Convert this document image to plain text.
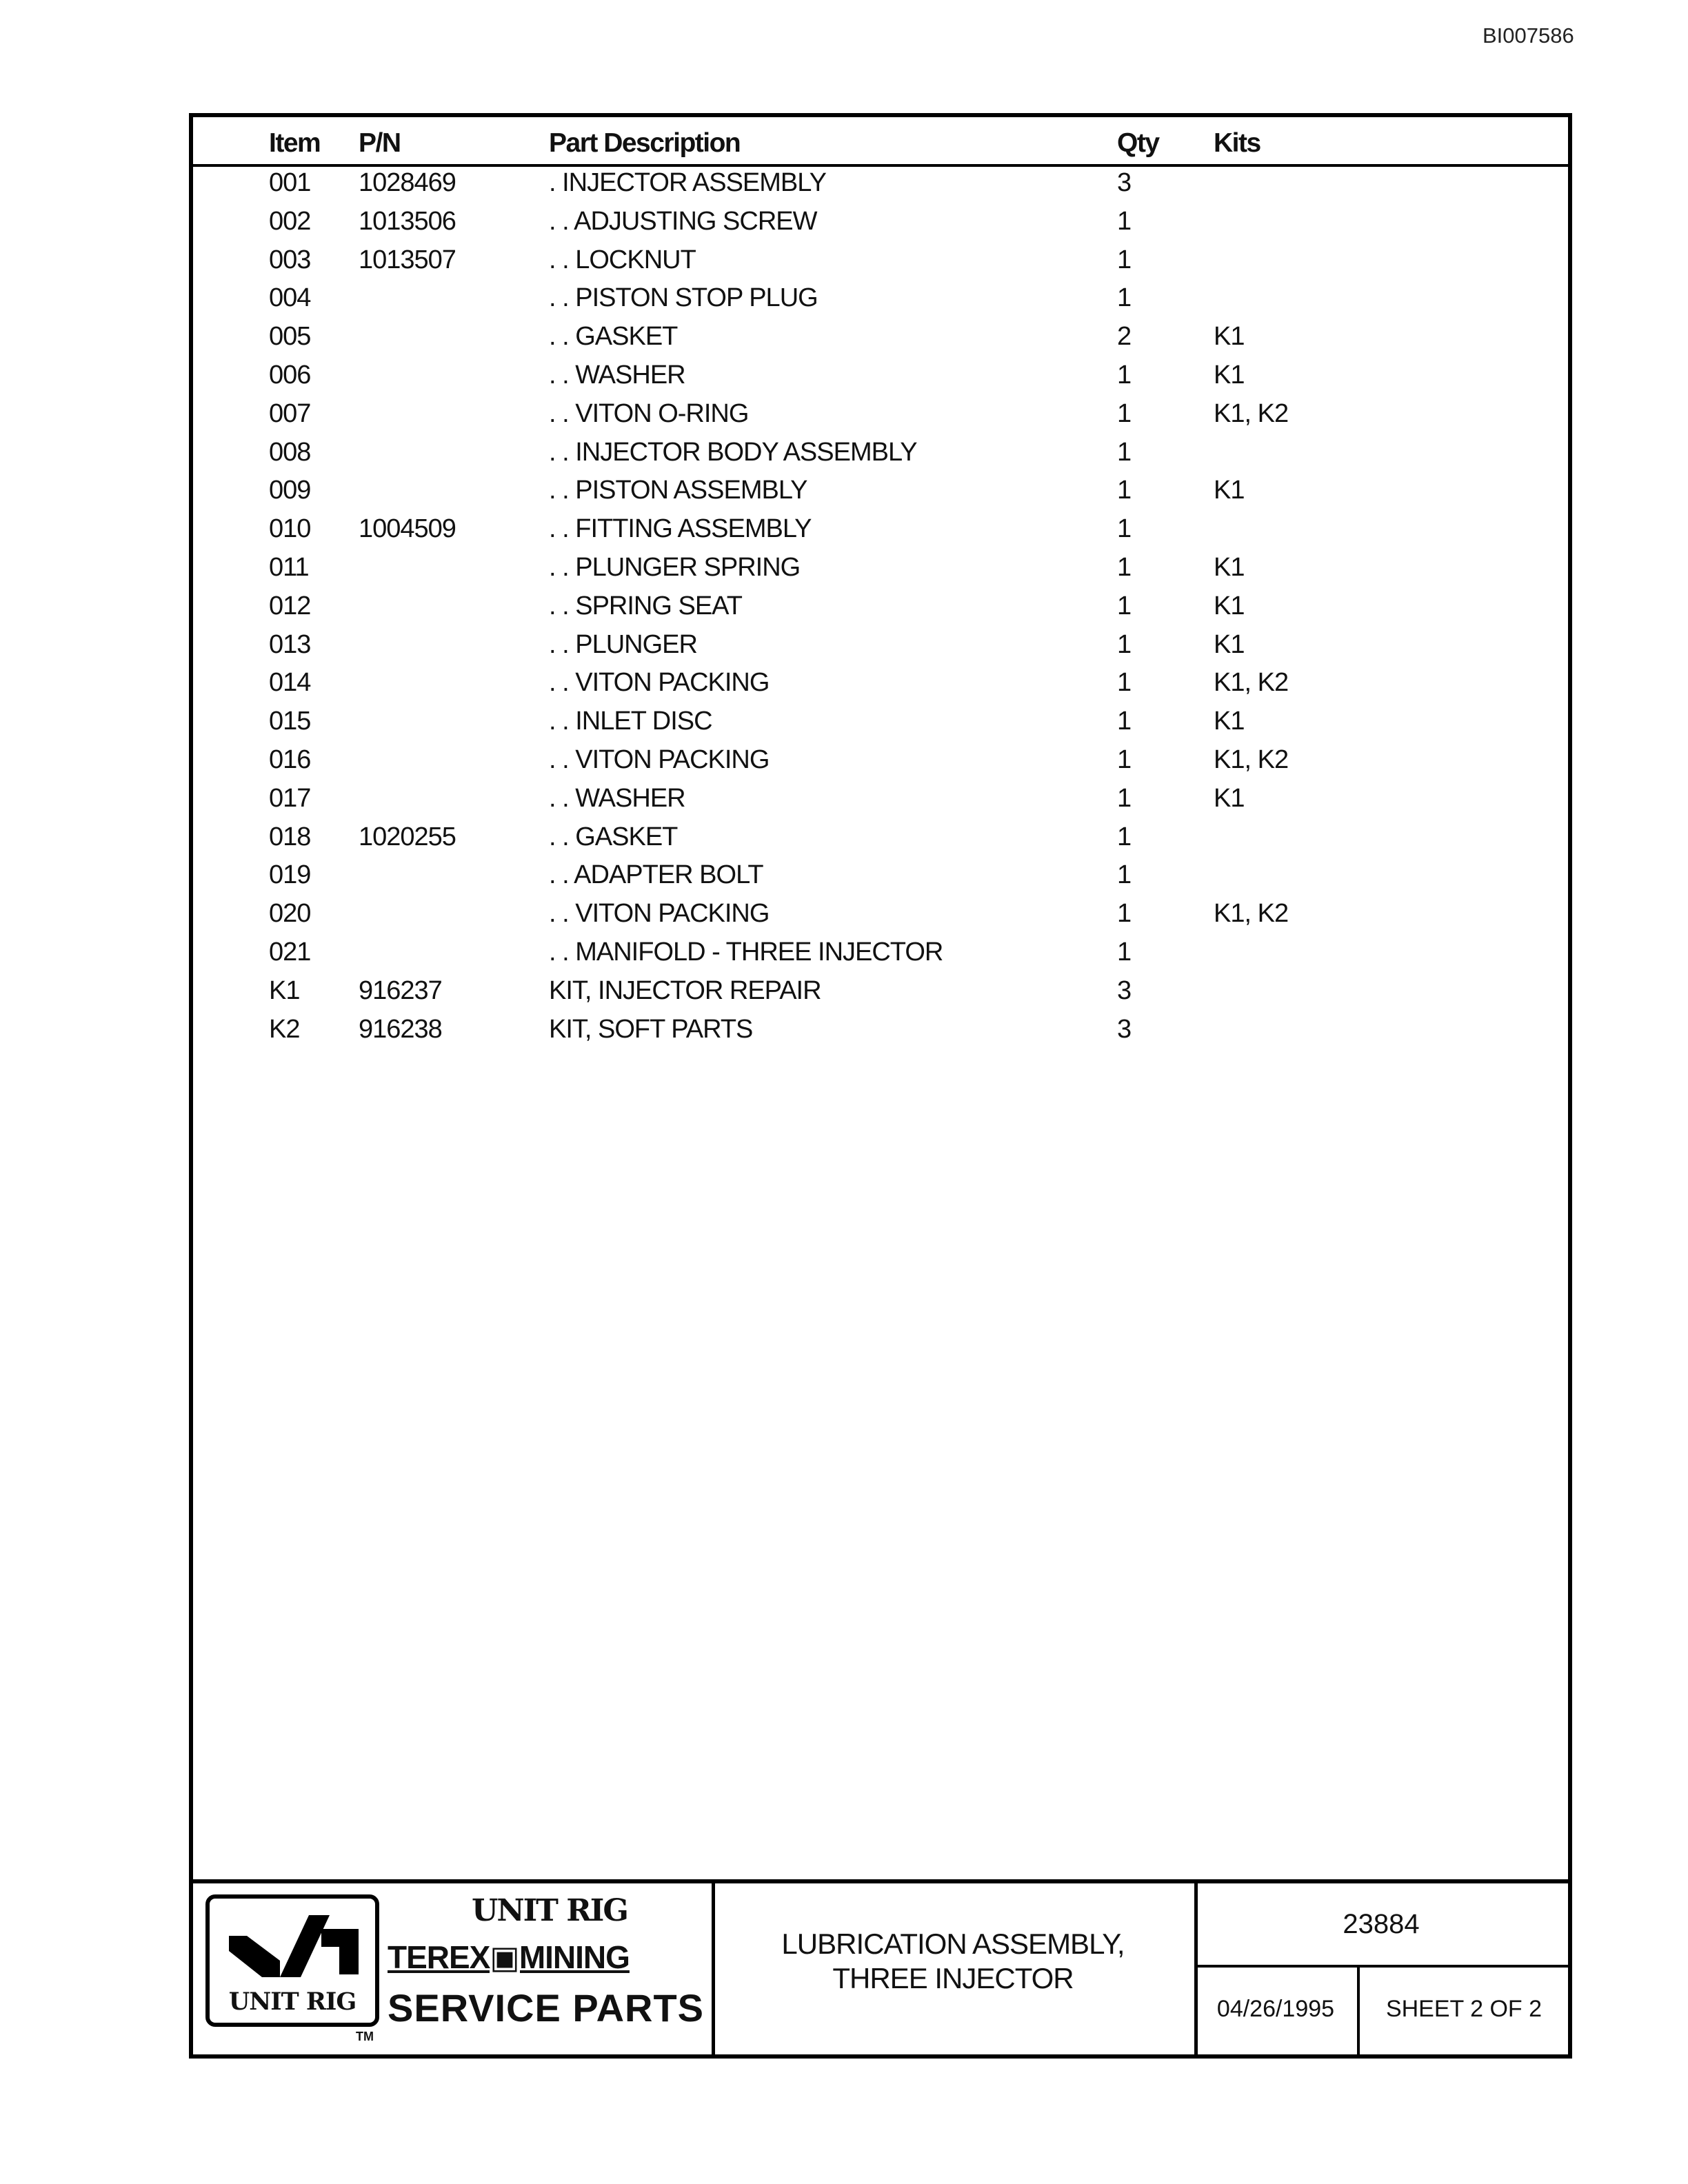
BI007586
Item P/N	Part Description	Qty Kits
001 1028469	. INJECTOR ASSEMBLY	3
002 1013506	. . ADJUSTING SCREW	1
003 1013507	. . LOCKNUT	1
004	. . PISTON STOP PLUG	1
005	. . GASKET	2	K1
006	. . WASHER	1	K1
007	. . VITON O-RING	1	K1, K2
008	. . INJECTOR BODY ASSEMBLY	1
009	. . PISTON ASSEMBLY	1	K1
010 1004509	. . FITTING ASSEMBLY	1
011	. . PLUNGER SPRING	1	K1
012	. . SPRING SEAT	1	K1
013	. . PLUNGER	1	K1
014	. . VITON PACKING	1	K1, K2
015	. . INLET DISC	1	K1
016	. . VITON PACKING	1	K1, K2
017	. . WASHER	1	K1
018 1020255	. . GASKET	1
019	. . ADAPTER BOLT	1
020	. . VITON PACKING	1	K1, K2
021	. . MANIFOLD - THREE INJECTOR	1
K1 916237	KIT, INJECTOR REPAIR	3
K2 916238	KIT, SOFT PARTS	3
UNIT RIG
TM
UNIT RIG
TEREX▣MINING
SERVICE PARTS
LUBRICATION ASSEMBLY,
THREE INJECTOR
23884
04/26/1995	SHEET 2 OF 2
